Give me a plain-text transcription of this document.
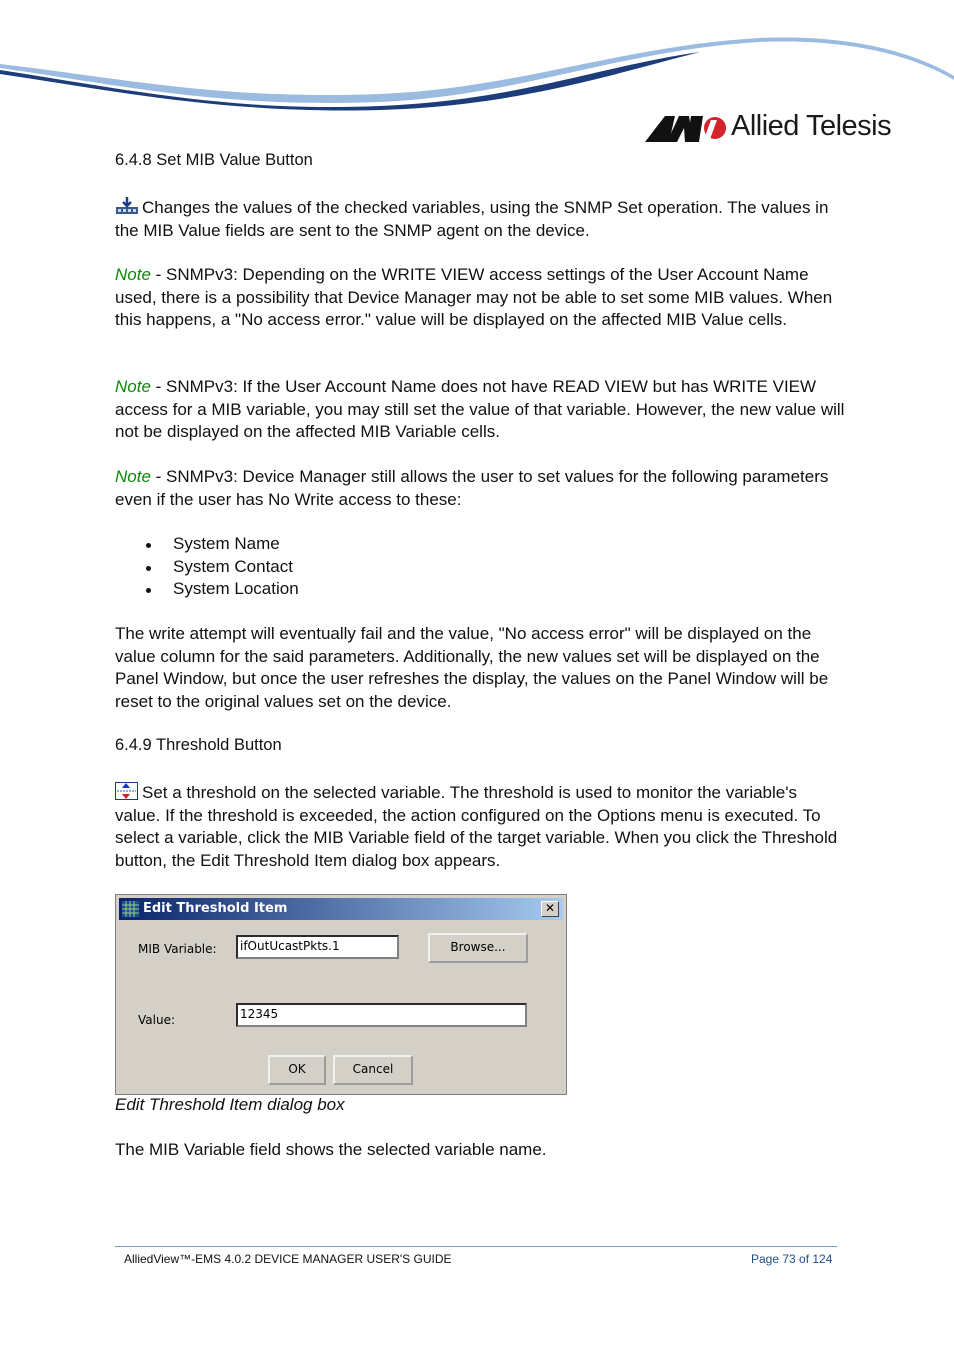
Allied Telesis
6.4.8 Set MIB Value Button
Changes the values of the checked variables, using the SNMP Set operation. The values in the MIB Value fields are sent to the SNMP agent on the device.
Note - SNMPv3: Depending on the WRITE VIEW access settings of the User Account Name used, there is a possibility that Device Manager may not be able to set some MIB values. When this happens, a "No access error." value will be displayed on the affected MIB Value cells.
Note - SNMPv3: If the User Account Name does not have READ VIEW but has WRITE VIEW access for a MIB variable, you may still set the value of that variable. However, the new value will not be displayed on the affected MIB Variable cells.
Note - SNMPv3: Device Manager still allows the user to set values for the following parameters even if the user has No Write access to these:
System Name
System Contact
System Location
The write attempt will eventually fail and the value, "No access error" will be displayed on the value column for the said parameters. Additionally, the new values set will be displayed on the Panel Window, but once the user refreshes the display, the values on the Panel Window will be reset to the original values set on the device.
6.4.9 Threshold Button
Set a threshold on the selected variable. The threshold is used to monitor the variable's value. If the threshold is exceeded, the action configured on the Options menu is executed. To select a variable, click the MIB Variable field of the target variable. When you click the Threshold button, the Edit Threshold Item dialog box appears.
Edit Threshold Item	✕
MIB Variable:	ifOutUcastPkts.1	Browse...
Value:	12345
OK	Cancel
Edit Threshold Item dialog box
The MIB Variable field shows the selected variable name.
AlliedView™-EMS 4.0.2 DEVICE MANAGER USER'S GUIDE	Page 73 of 124
